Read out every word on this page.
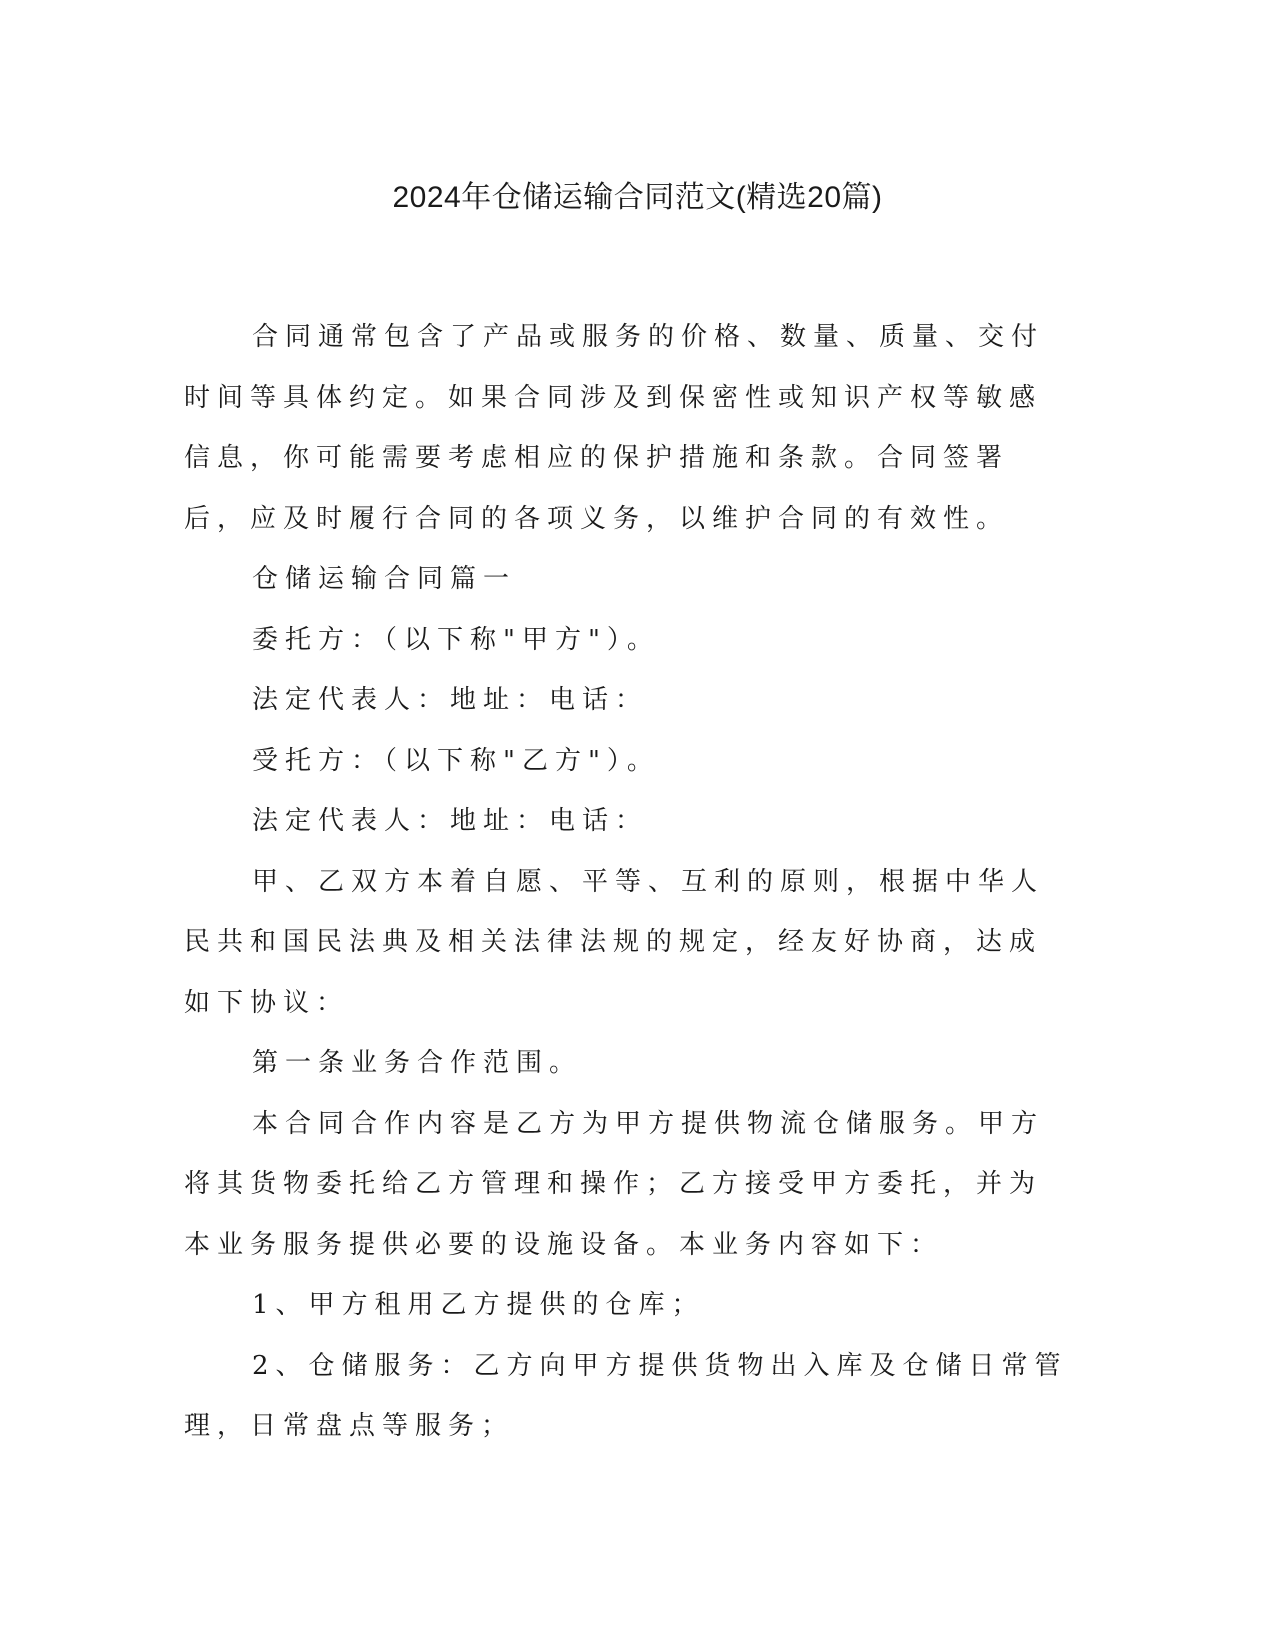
2024年仓储运输合同范文(精选20篇)

合同通常包含了产品或服务的价格、数量、质量、交付时间等具体约定。如果合同涉及到保密性或知识产权等敏感信息，你可能需要考虑相应的保护措施和条款。合同签署后，应及时履行合同的各项义务，以维护合同的有效性。

仓储运输合同篇一

委托方：（以下称"甲方"）。

法定代表人：地址：电话：

受托方：（以下称"乙方"）。

法定代表人：地址：电话：

甲、乙双方本着自愿、平等、互利的原则，根据中华人民共和国民法典及相关法律法规的规定，经友好协商，达成如下协议：

第一条业务合作范围。

本合同合作内容是乙方为甲方提供物流仓储服务。甲方将其货物委托给乙方管理和操作；乙方接受甲方委托，并为本业务服务提供必要的设施设备。本业务内容如下：

1、甲方租用乙方提供的仓库；

2、仓储服务：乙方向甲方提供货物出入库及仓储日常管理，日常盘点等服务；
